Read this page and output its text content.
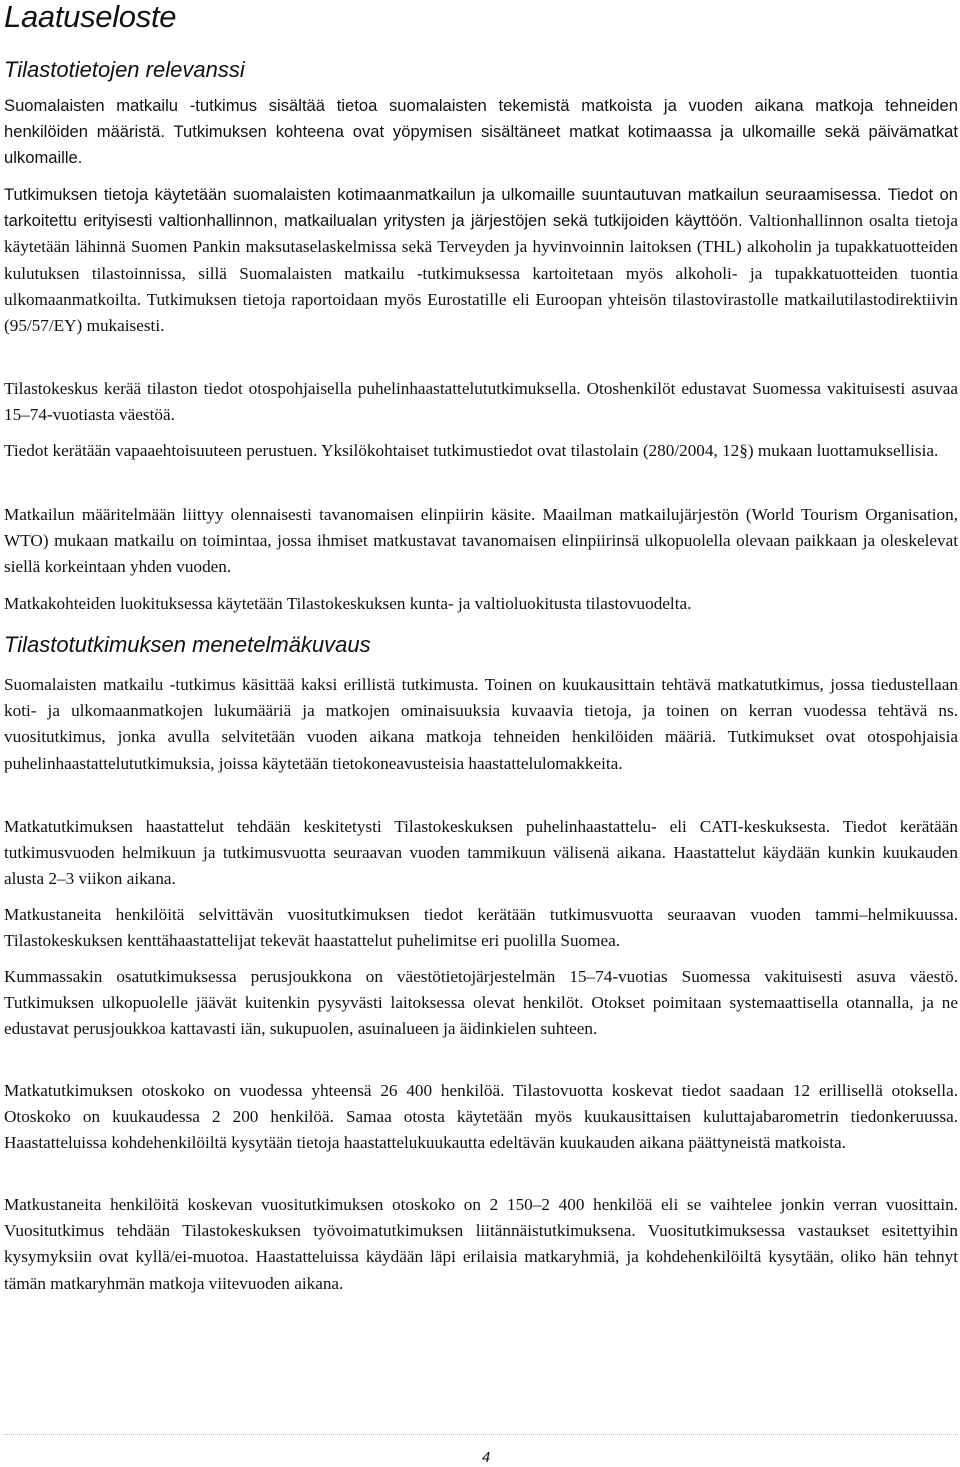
Laatuseloste
Tilastotietojen relevanssi

Suomalaisten matkailu -tutkimus sisältää tietoa suomalaisten tekemistä matkoista ja vuoden aikana matkoja tehneiden henkilöiden määristä. Tutkimuksen kohteena ovat yöpymisen sisältäneet matkat kotimaassa ja ulkomaille sekä päivämatkat ulkomaille.

Tutkimuksen tietoja käytetään suomalaisten kotimaanmatkailun ja ulkomaille suuntautuvan matkailun seuraamisessa. Tiedot on tarkoitettu erityisesti valtionhallinnon, matkailualan yritysten ja järjestöjen sekä tutkijoiden käyttöön. Valtionhallinnon osalta tietoja käytetään lähinnä Suomen Pankin maksutaselaskelmissa sekä Terveyden ja hyvinvoinnin laitoksen (THL) alkoholin ja tupakkatuotteiden kulutuksen tilastoinnissa, sillä Suomalaisten matkailu -tutkimuksessa kartoitetaan myös alkoholi- ja tupakkatuotteiden tuontia ulkomaanmatkoilta. Tutkimuksen tietoja raportoidaan myös Eurostatille eli Euroopan yhteisön tilastovirastolle matkailutilastodirektiivin (95/57/EY) mukaisesti.

Tilastokeskus kerää tilaston tiedot otospohjaisella puhelinhaastattelututkimuksella. Otoshenkilöt edustavat Suomessa vakituisesti asuvaa 15–74-vuotiasta väestöä.

Tiedot kerätään vapaaehtoisuuteen perustuen. Yksilökohtaiset tutkimustiedot ovat tilastolain (280/2004, 12§) mukaan luottamuksellisia.

Matkailun määritelmään liittyy olennaisesti tavanomaisen elinpiirin käsite. Maailman matkailujärjestön (World Tourism Organisation, WTO) mukaan matkailu on toimintaa, jossa ihmiset matkustavat tavanomaisen elinpiirinsä ulkopuolella olevaan paikkaan ja oleskelevat siellä korkeintaan yhden vuoden.

Matkakohteiden luokituksessa käytetään Tilastokeskuksen kunta- ja valtioluokitusta tilastovuodelta.

Tilastotutkimuksen menetelmäkuvaus

Suomalaisten matkailu -tutkimus käsittää kaksi erillistä tutkimusta. Toinen on kuukausittain tehtävä matkatutkimus, jossa tiedustellaan koti- ja ulkomaanmatkojen lukumääriä ja matkojen ominaisuuksia kuvaavia tietoja, ja toinen on kerran vuodessa tehtävä ns. vuositutkimus, jonka avulla selvitetään vuoden aikana matkoja tehneiden henkilöiden määriä. Tutkimukset ovat otospohjaisia puhelinhaastattelututkimuksia, joissa käytetään tietokoneavusteisia haastattelulomakkeita.

Matkatutkimuksen haastattelut tehdään keskitetysti Tilastokeskuksen puhelinhaastattelu- eli CATI-keskuksesta. Tiedot kerätään tutkimusvuoden helmikuun ja tutkimusvuotta seuraavan vuoden tammikuun välisenä aikana. Haastattelut käydään kunkin kuukauden alusta 2–3 viikon aikana.

Matkustaneita henkilöitä selvittävän vuositutkimuksen tiedot kerätään tutkimusvuotta seuraavan vuoden tammi–helmikuussa. Tilastokeskuksen kenttähaastattelijat tekevät haastattelut puhelimitse eri puolilla Suomea.

Kummassakin osatutkimuksessa perusjoukkona on väestötietojärjestelmän 15–74-vuotias Suomessa vakituisesti asuva väestö. Tutkimuksen ulkopuolelle jäävät kuitenkin pysyvästi laitoksessa olevat henkilöt. Otokset poimitaan systemaattisella otannalla, ja ne edustavat perusjoukkoa kattavasti iän, sukupuolen, asuinalueen ja äidinkielen suhteen.

Matkatutkimuksen otoskoko on vuodessa yhteensä 26 400 henkilöä. Tilastovuotta koskevat tiedot saadaan 12 erillisellä otoksella. Otoskoko on kuukaudessa 2 200 henkilöä. Samaa otosta käytetään myös kuukausittaisen kuluttajabarometrin tiedonkeruussa. Haastatteluissa kohdehenkilöiltä kysytään tietoja haastattelukuukautta edeltävän kuukauden aikana päättyneistä matkoista.

Matkustaneita henkilöitä koskevan vuositutkimuksen otoskoko on 2 150–2 400 henkilöä eli se vaihtelee jonkin verran vuosittain. Vuositutkimus tehdään Tilastokeskuksen työvoimatutkimuksen liitännäistutkimuksena. Vuositutkimuksessa vastaukset esitettyihin kysymyksiin ovat kyllä/ei-muotoa. Haastatteluissa käydään läpi erilaisia matkaryhmiä, ja kohdehenkilöiltä kysytään, oliko hän tehnyt tämän matkaryhmän matkoja viitevuoden aikana.

4
